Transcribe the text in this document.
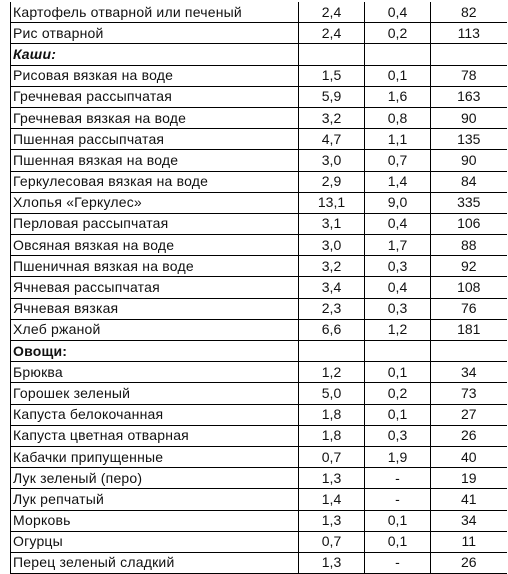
Картофель отварной или печеный	2,4	0,4	82
Рис отварной	2,4	0,2	113
Каши:			
Рисовая вязкая на воде	1,5	0,1	78
Гречневая рассыпчатая	5,9	1,6	163
Гречневая вязкая на воде	3,2	0,8	90
Пшенная рассыпчатая	4,7	1,1	135
Пшенная вязкая на воде	3,0	0,7	90
Геркулесовая вязкая на воде	2,9	1,4	84
Хлопья «Геркулес»	13,1	9,0	335
Перловая рассыпчатая	3,1	0,4	106
Овсяная вязкая на воде	3,0	1,7	88
Пшеничная вязкая на воде	3,2	0,3	92
Ячневая рассыпчатая	3,4	0,4	108
Ячневая вязкая	2,3	0,3	76
Хлеб ржаной	6,6	1,2	181
Овощи:			
Брюква	1,2	0,1	34
Горошек зеленый	5,0	0,2	73
Капуста белокочанная	1,8	0,1	27
Капуста цветная отварная	1,8	0,3	26
Кабачки припущенные	0,7	1,9	40
Лук зеленый (перо)	1,3	-	19
Лук репчатый	1,4	-	41
Морковь	1,3	0,1	34
Огурцы	0,7	0,1	11
Перец зеленый сладкий	1,3	-	26
